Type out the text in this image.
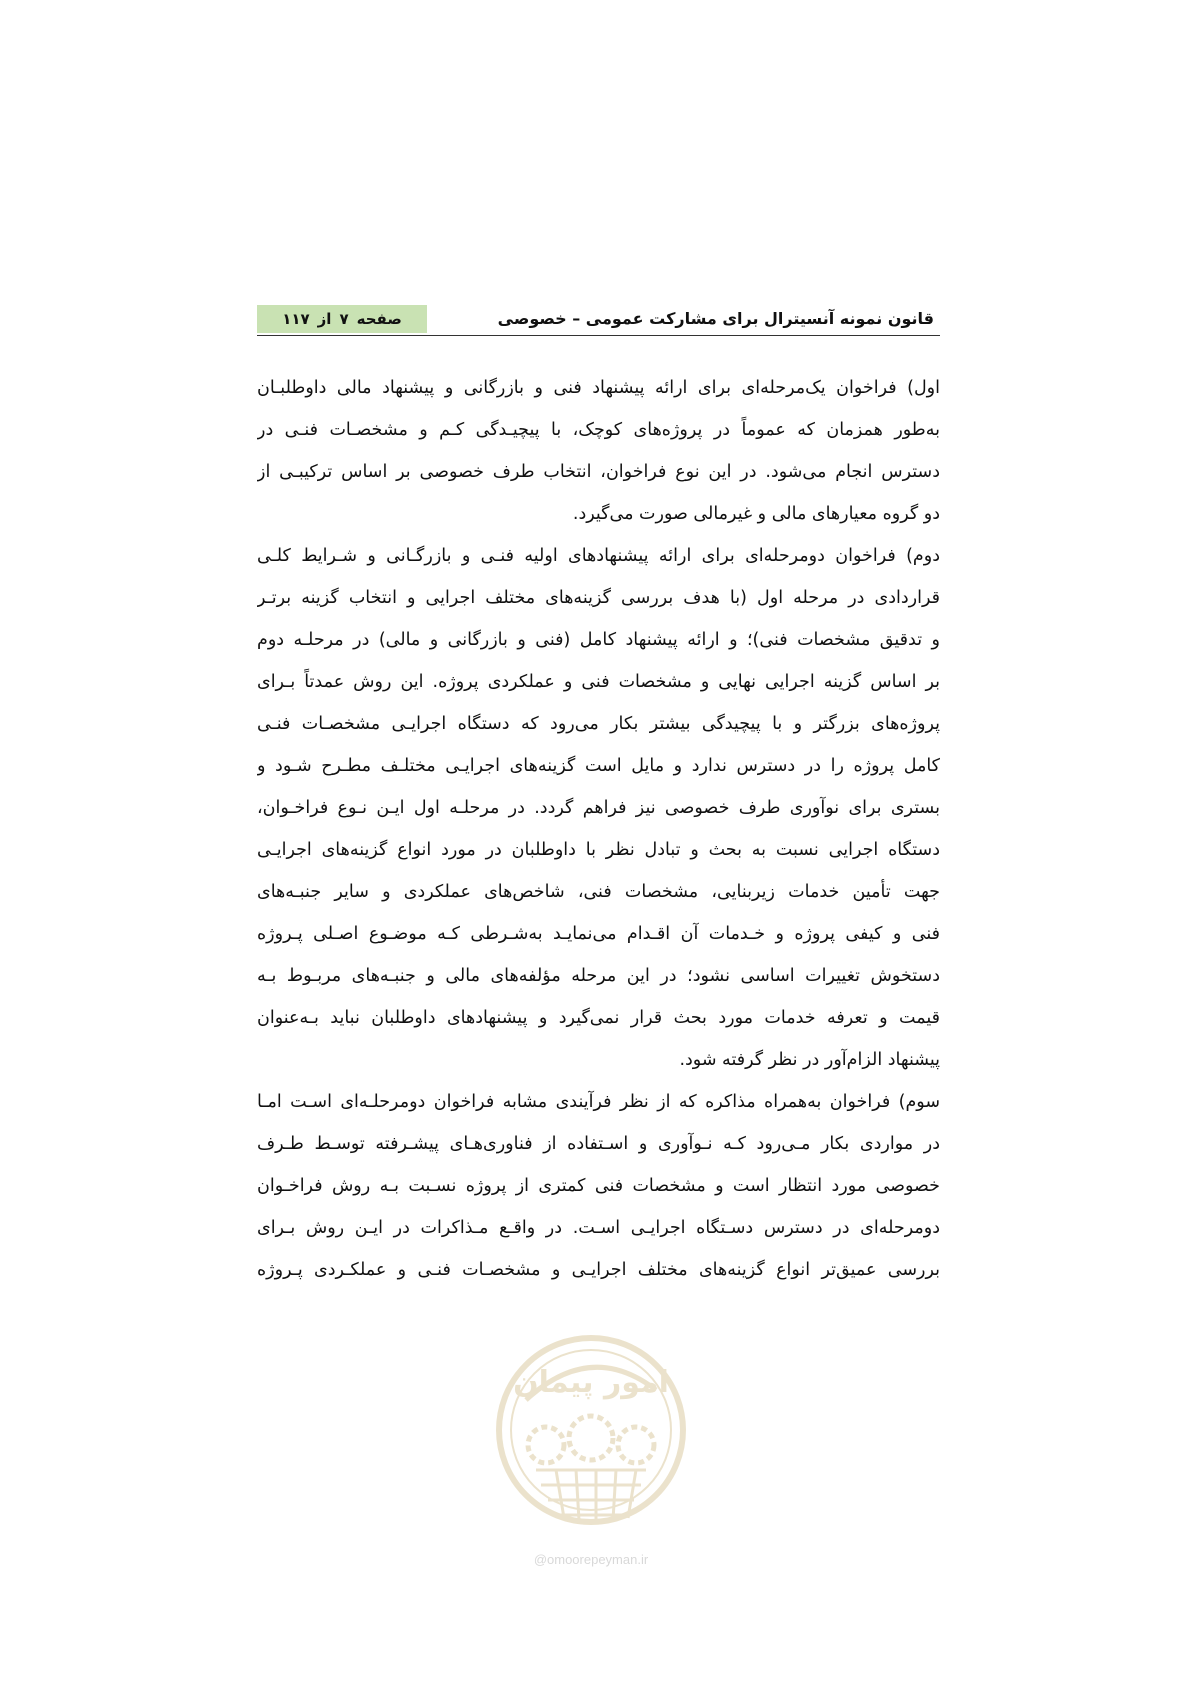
قانون نمونه آنسیترال برای مشارکت عمومی – خصوصی
صفحه
۷
از
۱۱۷
اول) فراخوان یک‌مرحله‌ای برای ارائه پیشنهاد فنی و بازرگانی و پیشنهاد مالی داوطلبـان
به‌طور همزمان که عموماً در پروژه‌های کوچک، با پیچیـدگی کـم و مشخصـات فنـی در
دسترس انجام می‌شود. در این نوع فراخوان، انتخاب طرف خصوصی بر اساس ترکیبـی از
دو گروه معیارهای مالی و غیرمالی صورت می‌گیرد.
دوم) فراخوان دومرحله‌ای برای ارائه پیشنهادهای اولیه فنـی و بازرگـانی و شـرایط کلـی
قراردادی در مرحله اول (با هدف بررسی گزینه‌های مختلف اجرایی و انتخاب گزینه برتـر
و تدقیق مشخصات فنی)؛ و ارائه پیشنهاد کامل (فنی و بازرگانی و مالی) در مرحلـه دوم
بر اساس گزینه اجرایی نهایی و مشخصات فنی و عملکردی پروژه. این روش عمدتاً بـرای
پروژه‌های بزرگتر و با پیچیدگی بیشتر بکار می‌رود که دستگاه اجرایـی مشخصـات فنـی
کامل پروژه را در دسترس ندارد و مایل است گزینه‌های اجرایـی مختلـف مطـرح شـود و
بستری برای نوآوری طرف خصوصی نیز فراهم گردد. در مرحلـه اول ایـن نـوع فراخـوان،
دستگاه اجرایی نسبت به بحث و تبادل نظر با داوطلبان در مورد انواع گزینه‌های اجرایـی
جهت تأمین خدمات زیربنایی، مشخصات فنی، شاخص‌های عملکردی و سایر جنبـه‌های
فنی و کیفی پروژه و خـدمات آن اقـدام می‌نمایـد به‌شـرطی کـه موضـوع اصـلی پـروژه
دستخوش تغییرات اساسی نشود؛ در این مرحله مؤلفه‌های مالی و جنبـه‌های مربـوط بـه
قیمت و تعرفه خدمات مورد بحث قرار نمی‌گیرد و پیشنهادهای داوطلبان نباید بـه‌عنوان
پیشنهاد الزام‌آور در نظر گرفته شود.
سوم) فراخوان به‌همراه مذاکره که از نظر فرآیندی مشابه فراخوان دومرحلـه‌ای اسـت امـا
در مواردی بکار مـی‌رود کـه نـوآوری و اسـتفاده از فناوری‌هـای پیشـرفته توسـط طـرف
خصوصی مورد انتظار است و مشخصات فنی کمتری از پروژه نسـبت بـه روش فراخـوان
دومرحله‌ای در دسترس دسـتگاه اجرایـی اسـت. در واقـع مـذاکرات در ایـن روش بـرای
بررسی عمیق‌تر انواع گزینه‌های مختلف اجرایـی و مشخصـات فنـی و عملکـردی پـروژه
امور پیمان
@omoorepeyman.ir
